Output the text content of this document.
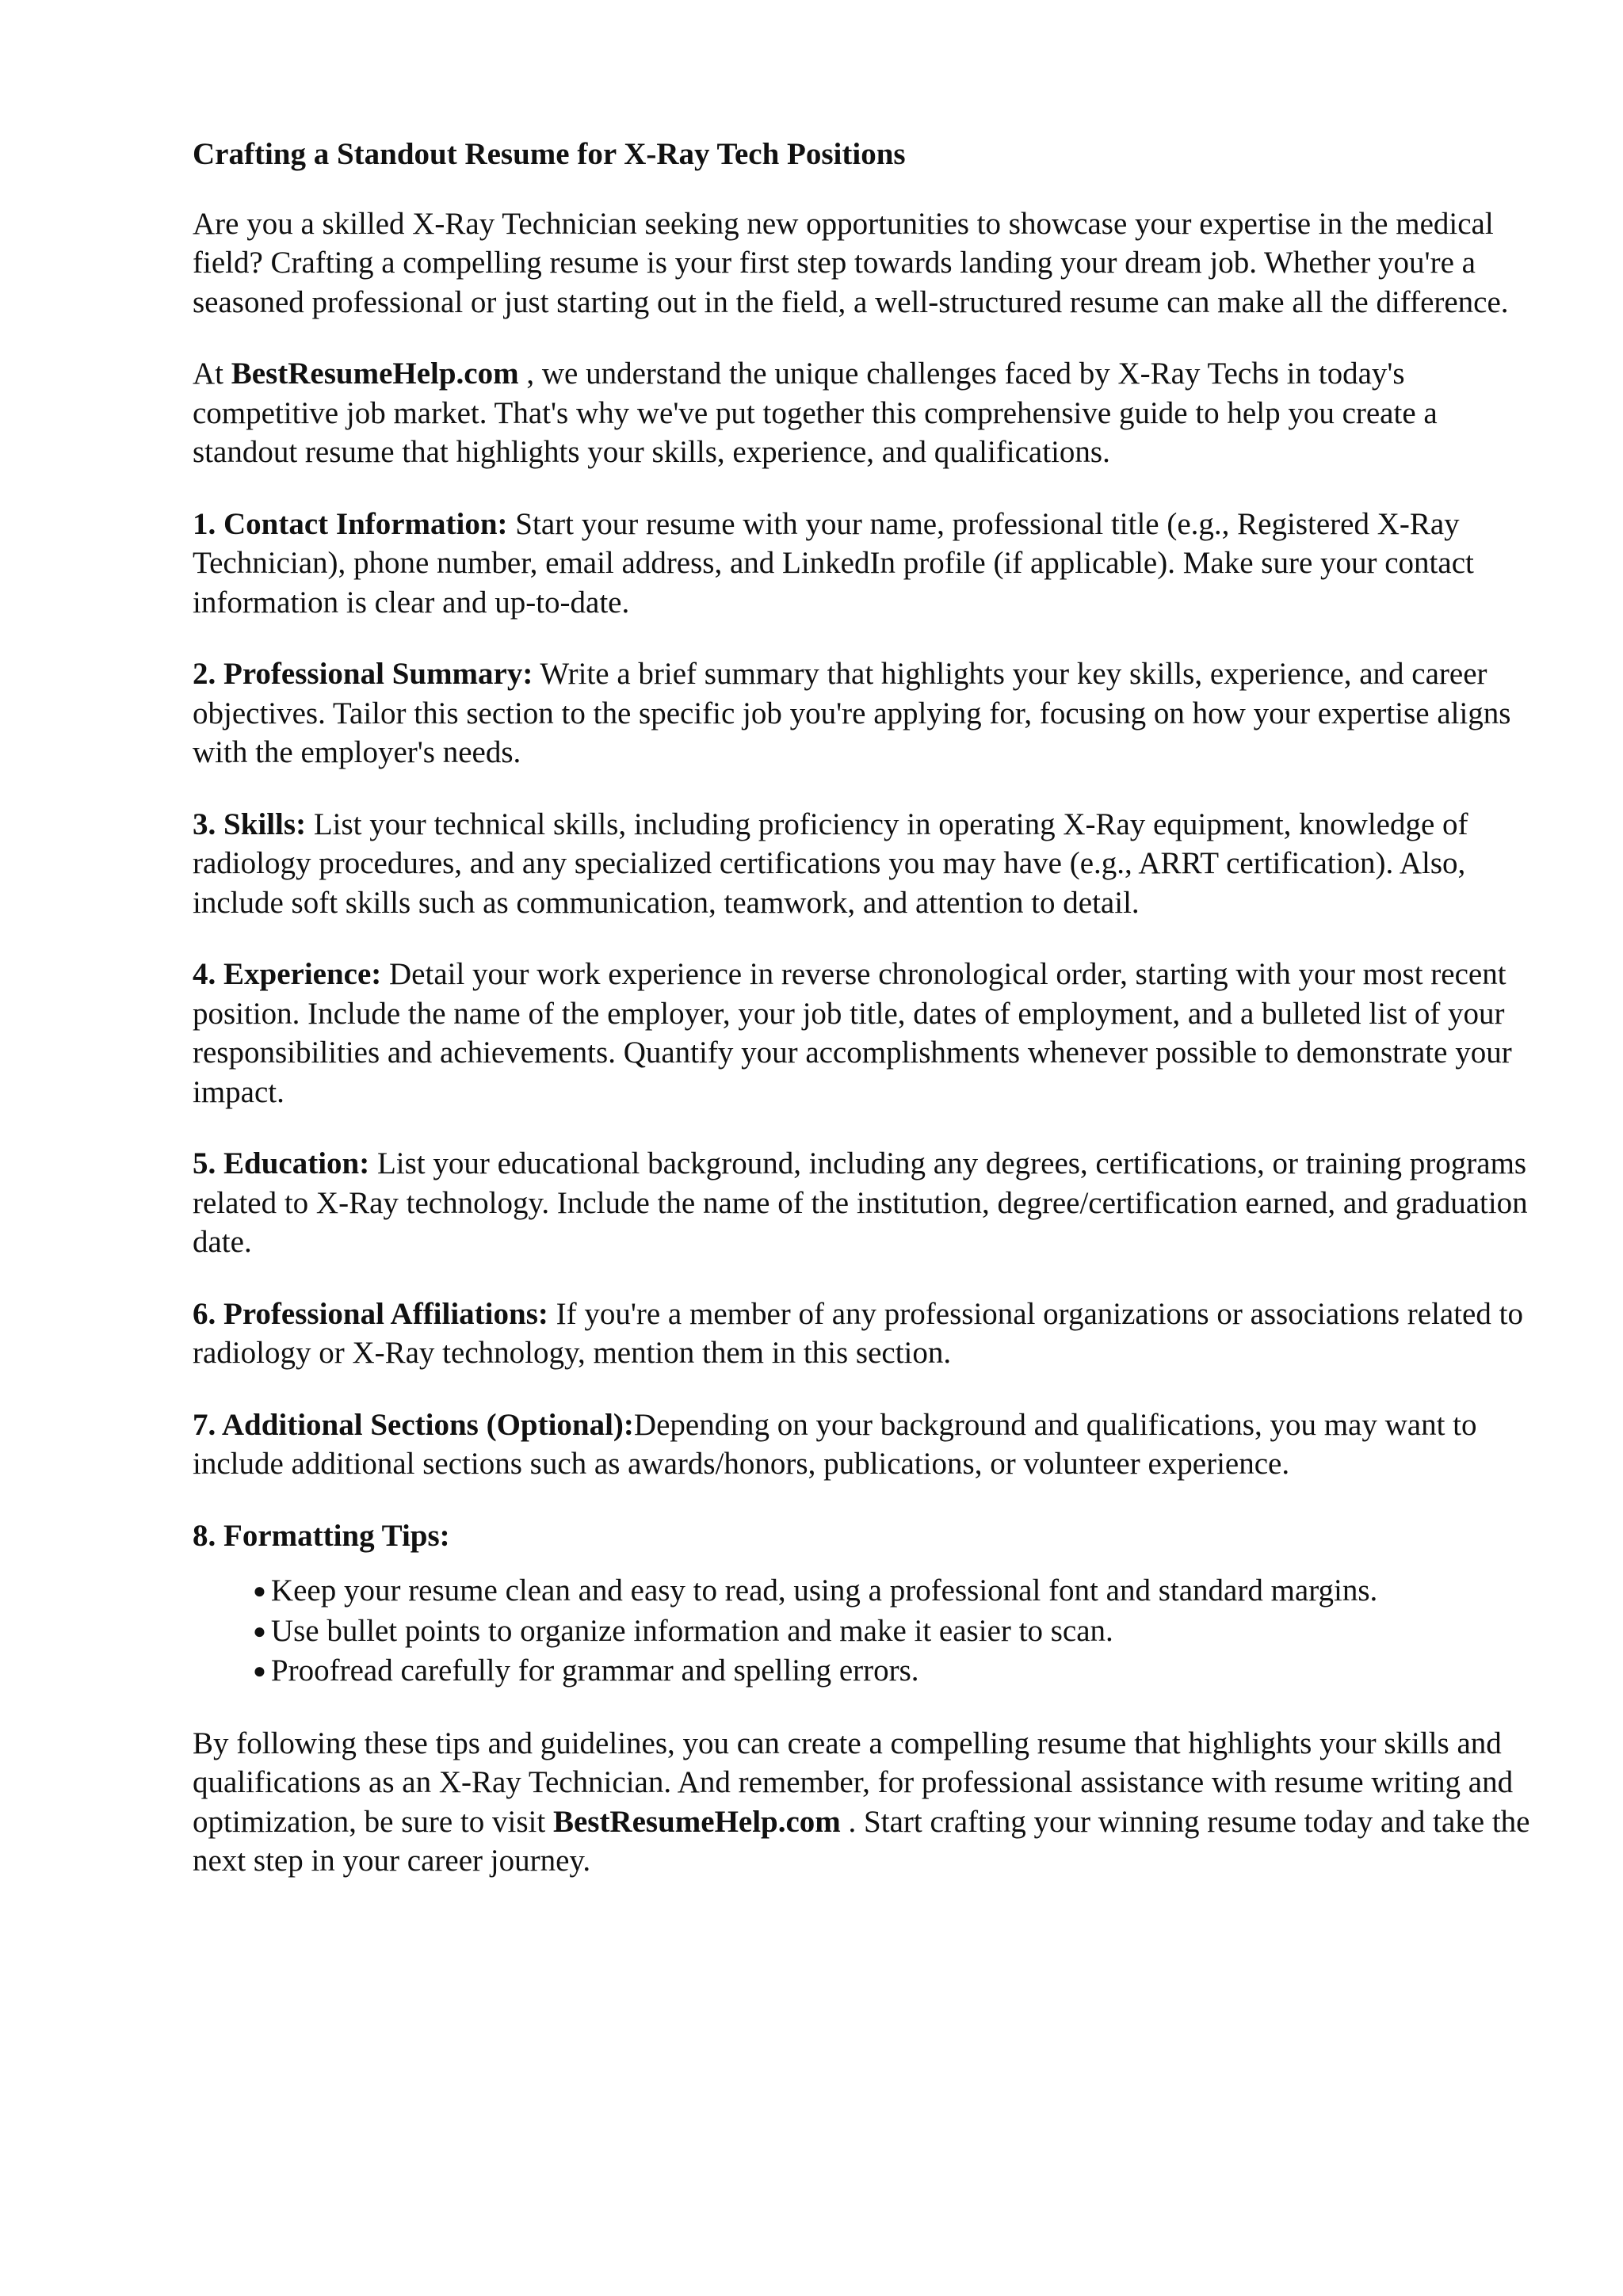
Crafting a Standout Resume for X-Ray Tech Positions

Are you a skilled X-Ray Technician seeking new opportunities to showcase your expertise in the medical field? Crafting a compelling resume is your first step towards landing your dream job. Whether you're a seasoned professional or just starting out in the field, a well-structured resume can make all the difference.

At BestResumeHelp.com , we understand the unique challenges faced by X-Ray Techs in today's competitive job market. That's why we've put together this comprehensive guide to help you create a standout resume that highlights your skills, experience, and qualifications.

1. Contact Information: Start your resume with your name, professional title (e.g., Registered X-Ray Technician), phone number, email address, and LinkedIn profile (if applicable). Make sure your contact information is clear and up-to-date.

2. Professional Summary: Write a brief summary that highlights your key skills, experience, and career objectives. Tailor this section to the specific job you're applying for, focusing on how your expertise aligns with the employer's needs.

3. Skills: List your technical skills, including proficiency in operating X-Ray equipment, knowledge of radiology procedures, and any specialized certifications you may have (e.g., ARRT certification). Also, include soft skills such as communication, teamwork, and attention to detail.

4. Experience: Detail your work experience in reverse chronological order, starting with your most recent position. Include the name of the employer, your job title, dates of employment, and a bulleted list of your responsibilities and achievements. Quantify your accomplishments whenever possible to demonstrate your impact.

5. Education: List your educational background, including any degrees, certifications, or training programs related to X-Ray technology. Include the name of the institution, degree/certification earned, and graduation date.

6. Professional Affiliations: If you're a member of any professional organizations or associations related to radiology or X-Ray technology, mention them in this section.

7. Additional Sections (Optional):Depending on your background and qualifications, you may want to include additional sections such as awards/honors, publications, or volunteer experience.

8. Formatting Tips:

● Keep your resume clean and easy to read, using a professional font and standard margins.
● Use bullet points to organize information and make it easier to scan.
● Proofread carefully for grammar and spelling errors.

By following these tips and guidelines, you can create a compelling resume that highlights your skills and qualifications as an X-Ray Technician. And remember, for professional assistance with resume writing and optimization, be sure to visit BestResumeHelp.com . Start crafting your winning resume today and take the next step in your career journey.
